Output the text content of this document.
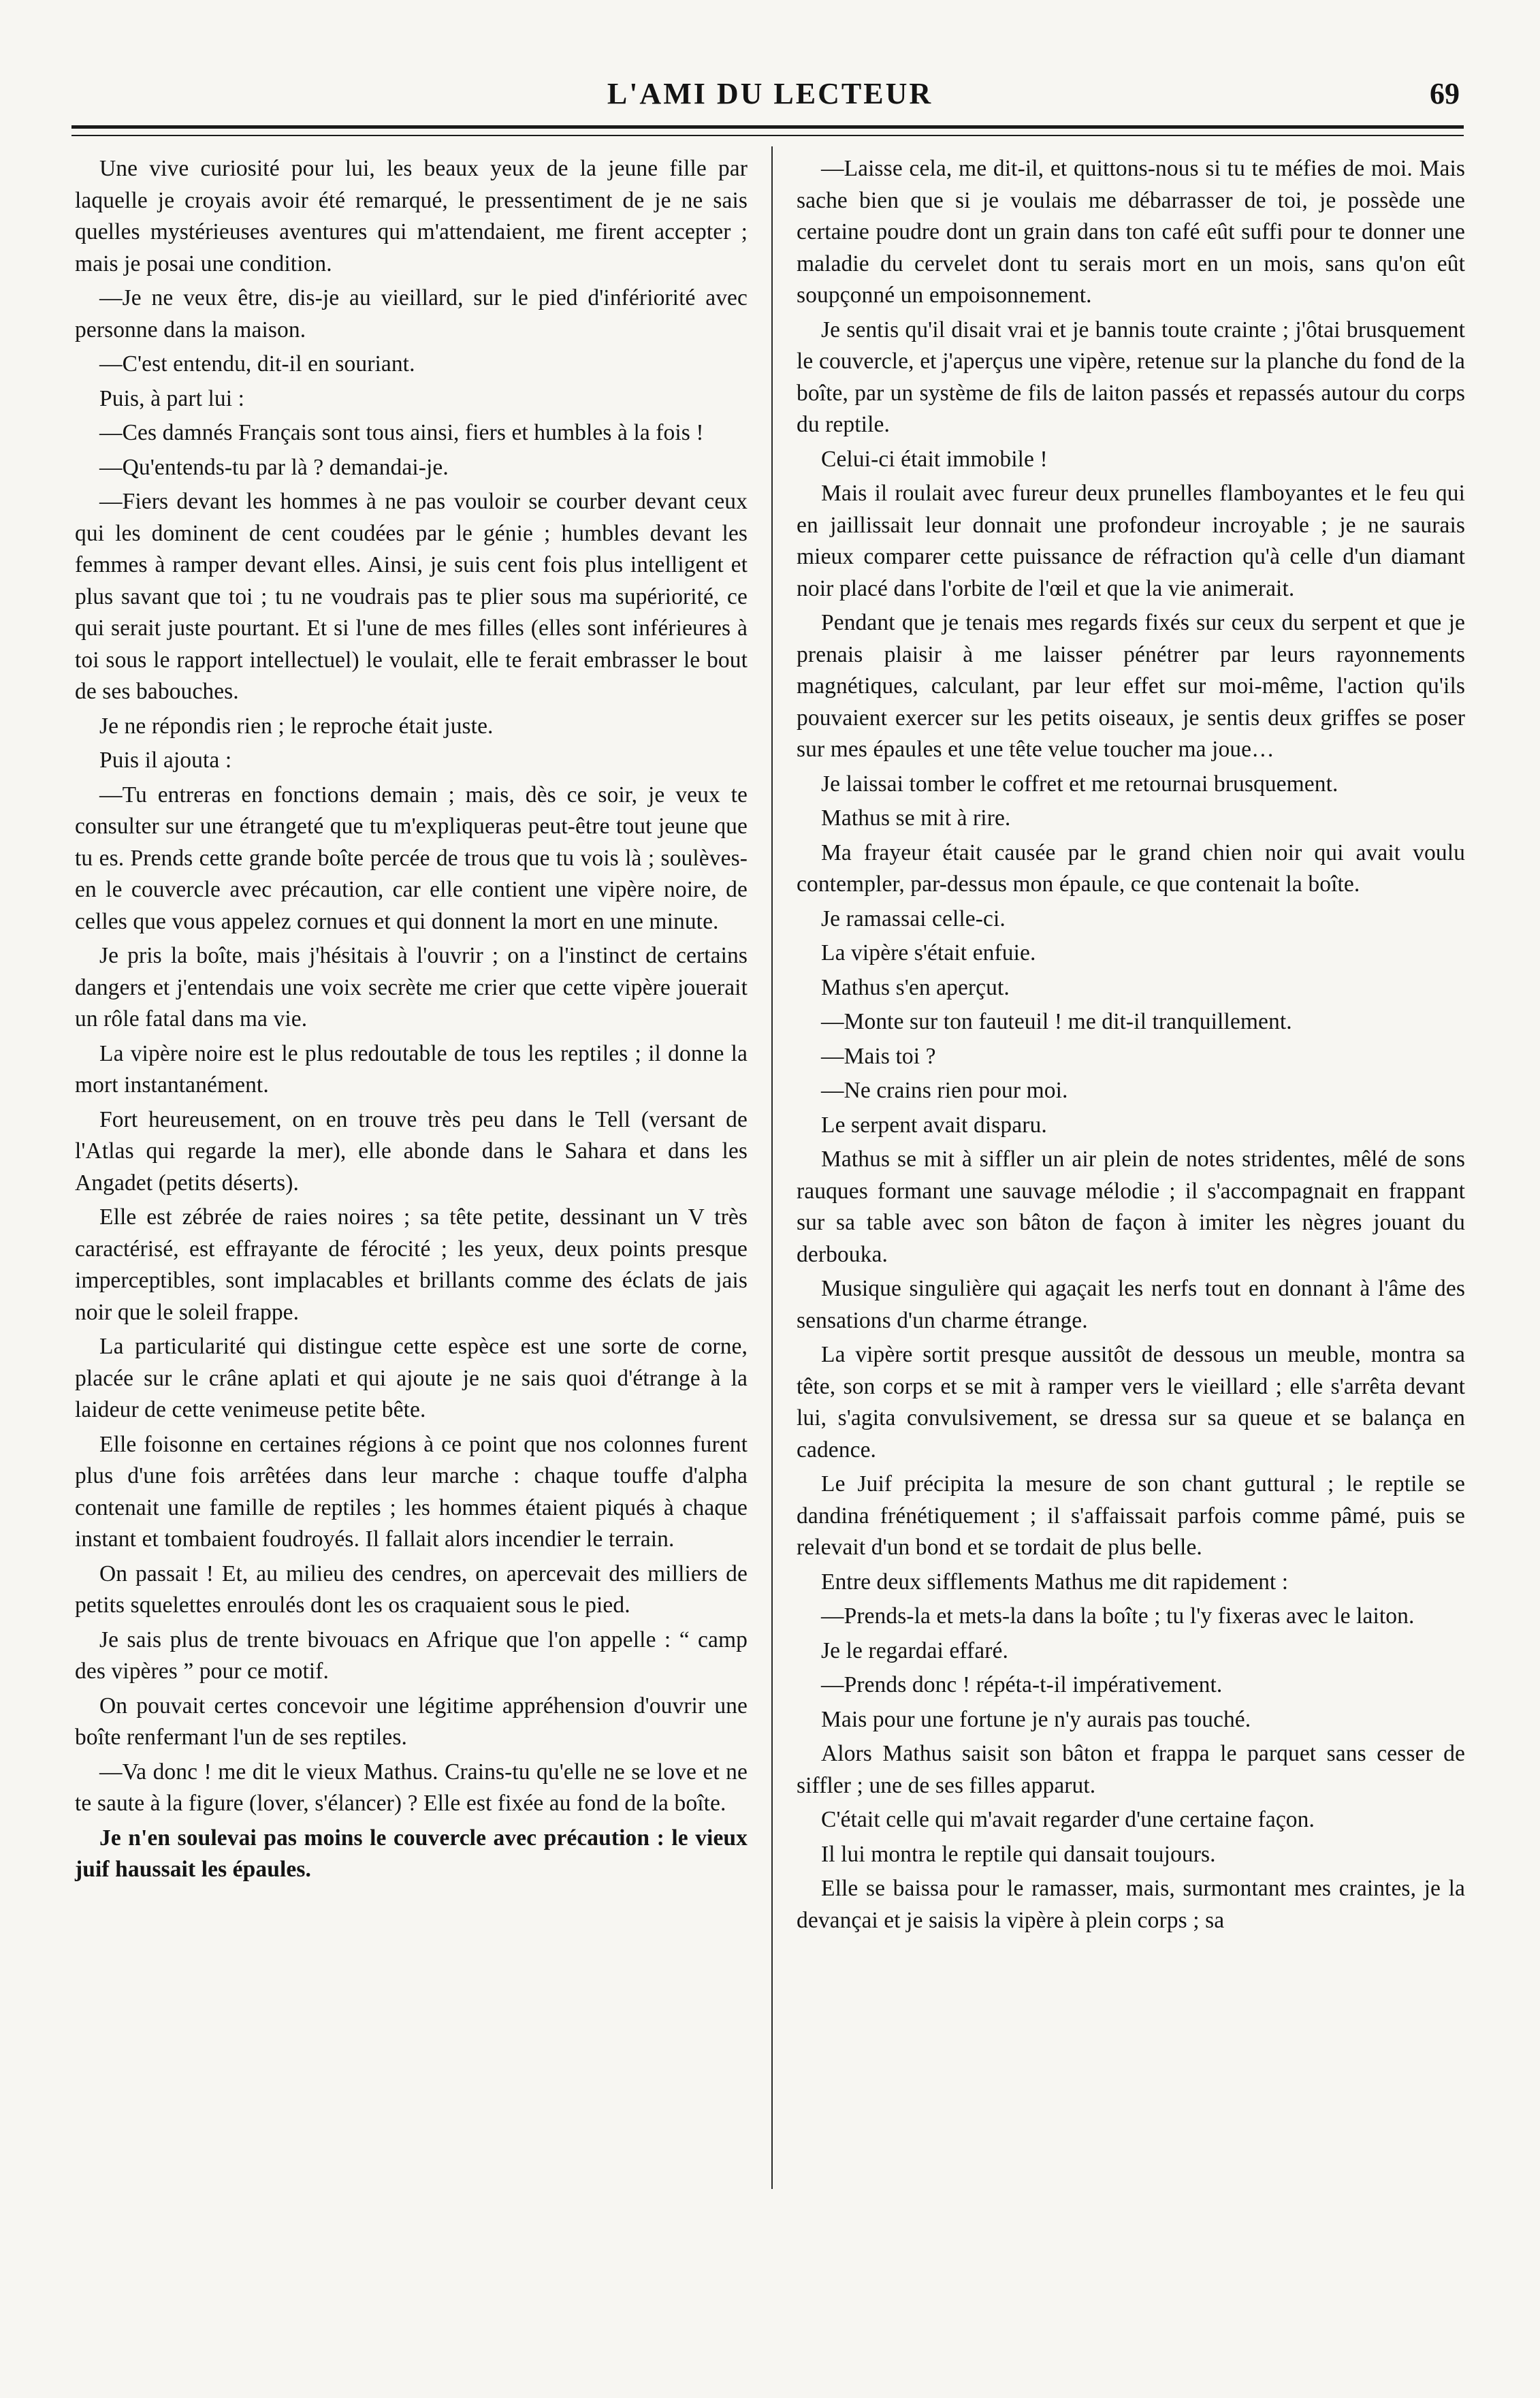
L'AMI DU LECTEUR	69

Une vive curiosité pour lui, les beaux yeux de la jeune fille par laquelle je croyais avoir été remarqué, le pressentiment de je ne sais quelles mystérieuses aventures qui m'attendaient, me firent accepter ; mais je posai une condition.

—Je ne veux être, dis-je au vieillard, sur le pied d'infériorité avec personne dans la maison.

—C'est entendu, dit-il en souriant.

Puis, à part lui :

—Ces damnés Français sont tous ainsi, fiers et humbles à la fois !

—Qu'entends-tu par là ? demandai-je.

—Fiers devant les hommes à ne pas vouloir se courber devant ceux qui les dominent de cent coudées par le génie ; humbles devant les femmes à ramper devant elles. Ainsi, je suis cent fois plus intelligent et plus savant que toi ; tu ne voudrais pas te plier sous ma supériorité, ce qui serait juste pourtant. Et si l'une de mes filles (elles sont inférieures à toi sous le rapport intellectuel) le voulait, elle te ferait embrasser le bout de ses babouches.

Je ne répondis rien ; le reproche était juste.

Puis il ajouta :

—Tu entreras en fonctions demain ; mais, dès ce soir, je veux te consulter sur une étrangeté que tu m'expliqueras peut-être tout jeune que tu es. Prends cette grande boîte percée de trous que tu vois là ; soulèves-en le couvercle avec précaution, car elle contient une vipère noire, de celles que vous appelez cornues et qui donnent la mort en une minute.

Je pris la boîte, mais j'hésitais à l'ouvrir ; on a l'instinct de certains dangers et j'entendais une voix secrète me crier que cette vipère jouerait un rôle fatal dans ma vie.

La vipère noire est le plus redoutable de tous les reptiles ; il donne la mort instantanément.

Fort heureusement, on en trouve très peu dans le Tell (versant de l'Atlas qui regarde la mer), elle abonde dans le Sahara et dans les Angadet (petits déserts).

Elle est zébrée de raies noires ; sa tête petite, dessinant un V très caractérisé, est effrayante de férocité ; les yeux, deux points presque imperceptibles, sont implacables et brillants comme des éclats de jais noir que le soleil frappe.

La particularité qui distingue cette espèce est une sorte de corne, placée sur le crâne aplati et qui ajoute je ne sais quoi d'étrange à la laideur de cette venimeuse petite bête.

Elle foisonne en certaines régions à ce point que nos colonnes furent plus d'une fois arrêtées dans leur marche : chaque touffe d'alpha contenait une famille de reptiles ; les hommes étaient piqués à chaque instant et tombaient foudroyés. Il fallait alors incendier le terrain.

On passait ! Et, au milieu des cendres, on apercevait des milliers de petits squelettes enroulés dont les os craquaient sous le pied.

Je sais plus de trente bivouacs en Afrique que l'on appelle : “ camp des vipères ” pour ce motif.

On pouvait certes concevoir une légitime appréhension d'ouvrir une boîte renfermant l'un de ses reptiles.

—Va donc ! me dit le vieux Mathus. Crains-tu qu'elle ne se love et ne te saute à la figure (lover, s'élancer) ? Elle est fixée au fond de la boîte.

Je n'en soulevai pas moins le couvercle avec précaution : le vieux juif haussait les épaules.

—Laisse cela, me dit-il, et quittons-nous si tu te méfies de moi. Mais sache bien que si je voulais me débarrasser de toi, je possède une certaine poudre dont un grain dans ton café eût suffi pour te donner une maladie du cervelet dont tu serais mort en un mois, sans qu'on eût soupçonné un empoisonnement.

Je sentis qu'il disait vrai et je bannis toute crainte ; j'ôtai brusquement le couvercle, et j'aperçus une vipère, retenue sur la planche du fond de la boîte, par un système de fils de laiton passés et repassés autour du corps du reptile.

Celui-ci était immobile !

Mais il roulait avec fureur deux prunelles flamboyantes et le feu qui en jaillissait leur donnait une profondeur incroyable ; je ne saurais mieux comparer cette puissance de réfraction qu'à celle d'un diamant noir placé dans l'orbite de l'œil et que la vie animerait.

Pendant que je tenais mes regards fixés sur ceux du serpent et que je prenais plaisir à me laisser pénétrer par leurs rayonnements magnétiques, calculant, par leur effet sur moi-même, l'action qu'ils pouvaient exercer sur les petits oiseaux, je sentis deux griffes se poser sur mes épaules et une tête velue toucher ma joue…

Je laissai tomber le coffret et me retournai brusquement.

Mathus se mit à rire.

Ma frayeur était causée par le grand chien noir qui avait voulu contempler, par-dessus mon épaule, ce que contenait la boîte.

Je ramassai celle-ci.

La vipère s'était enfuie.

Mathus s'en aperçut.

—Monte sur ton fauteuil ! me dit-il tranquillement.

—Mais toi ?

—Ne crains rien pour moi.

Le serpent avait disparu.

Mathus se mit à siffler un air plein de notes stridentes, mêlé de sons rauques formant une sauvage mélodie ; il s'accompagnait en frappant sur sa table avec son bâton de façon à imiter les nègres jouant du derbouka.

Musique singulière qui agaçait les nerfs tout en donnant à l'âme des sensations d'un charme étrange.

La vipère sortit presque aussitôt de dessous un meuble, montra sa tête, son corps et se mit à ramper vers le vieillard ; elle s'arrêta devant lui, s'agita convulsivement, se dressa sur sa queue et se balança en cadence.

Le Juif précipita la mesure de son chant guttural ; le reptile se dandina frénétiquement ; il s'affaissait parfois comme pâmé, puis se relevait d'un bond et se tordait de plus belle.

Entre deux sifflements Mathus me dit rapidement :

—Prends-la et mets-la dans la boîte ; tu l'y fixeras avec le laiton.

Je le regardai effaré.

—Prends donc ! répéta-t-il impérativement.

Mais pour une fortune je n'y aurais pas touché.

Alors Mathus saisit son bâton et frappa le parquet sans cesser de siffler ; une de ses filles apparut.

C'était celle qui m'avait regarder d'une certaine façon.

Il lui montra le reptile qui dansait toujours.

Elle se baissa pour le ramasser, mais, surmontant mes craintes, je la devançai et je saisis la vipère à plein corps ; sa
